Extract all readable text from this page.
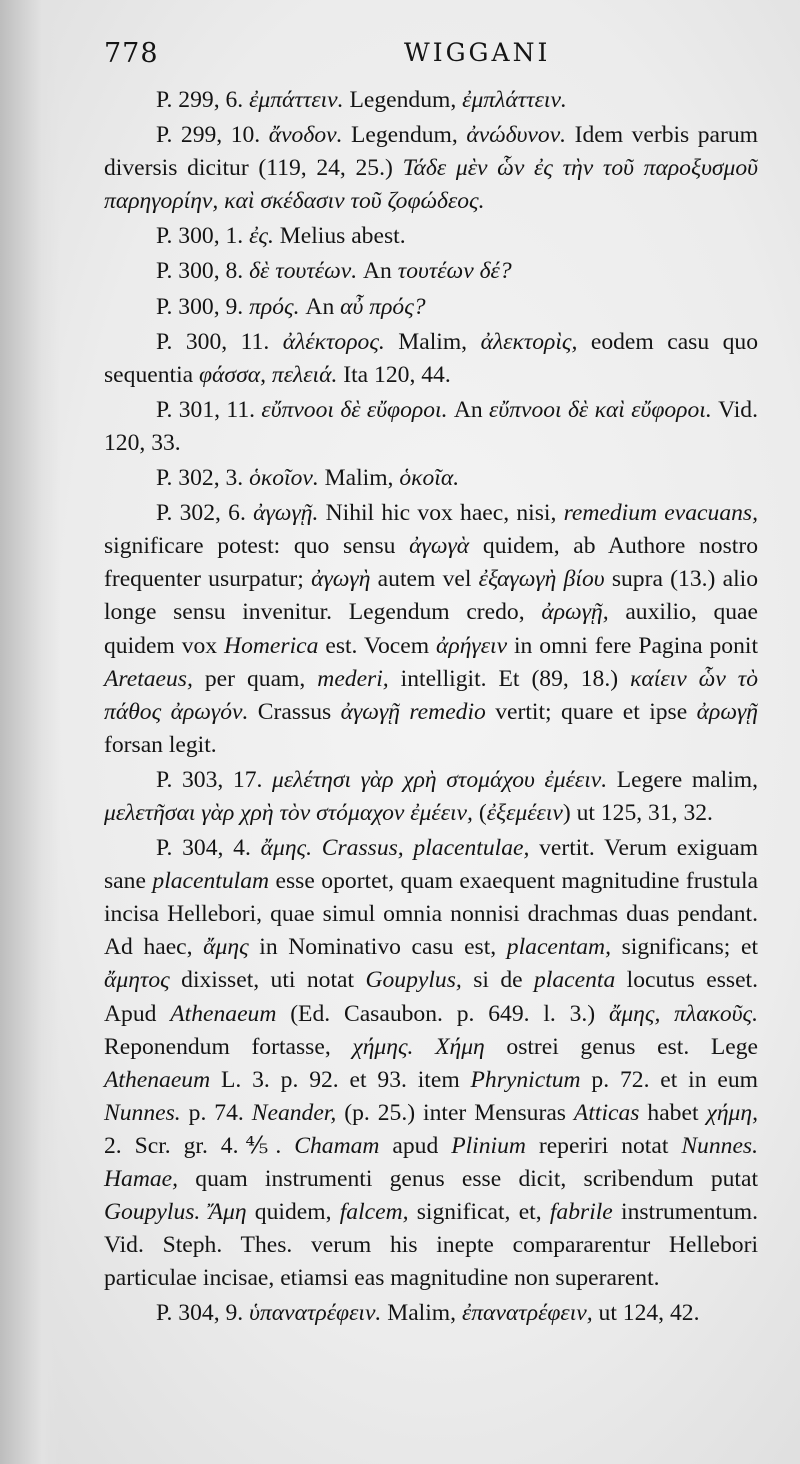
778	WIGGANI

P. 299, 6. ἐμπάττειν. Legendum, ἐμπλάττειν.

P. 299, 10. ἄνοδον. Legendum, ἀνώδυνον. Idem verbis parum diversis dicitur (119, 24, 25.) Τάδε μὲν ὧν ἐς τὴν τοῦ παροξυσμοῦ παρηγορίην, καὶ σκέδασιν τοῦ ζοφώδεος.

P. 300, 1. ἐς. Melius abest.

P. 300, 8. δὲ τουτέων. An τουτέων δέ?

P. 300, 9. πρός. An αὖ πρός?

P. 300, 11. ἀλέκτορος. Malim, ἀλεκτορὶς, eodem casu quo sequentia φάσσα, πελειά. Ita 120, 44.

P. 301, 11. εὔπνοοι δὲ εὔφοροι. An εὔπνοοι δὲ καὶ εὔφοροι. Vid. 120, 33.

P. 302, 3. ὁκοῖον. Malim, ὁκοῖα.

P. 302, 6. ἀγωγῇ. Nihil hic vox haec, nisi, remedium evacuans, significare potest: quo sensu ἀγωγὰ quidem, ab Authore nostro frequenter usurpatur; ἀγωγὴ autem vel ἐξαγωγὴ βίου supra (13.) alio longe sensu invenitur. Legendum credo, ἀρωγῇ, auxilio, quae quidem vox Homerica est. Vocem ἀρήγειν in omni fere Pagina ponit Aretaeus, per quam, mederi, intelligit. Et (89, 18.) καίειν ὧν τὸ πάθος ἀρωγόν. Crassus ἀγωγῇ remedio vertit; quare et ipse ἀρωγῇ forsan legit.

P. 303, 17. μελέτησι γὰρ χρὴ στομάχου ἐμέειν. Legere malim, μελετῆσαι γὰρ χρὴ τὸν στόμαχον ἐμέειν, (ἐξεμέειν) ut 125, 31, 32.

P. 304, 4. ἄμης. Crassus, placentulae, vertit. Verum exiguam sane placentulam esse oportet, quam exaequent magnitudine frustula incisa Hellebori, quae simul omnia nonnisi drachmas duas pendant. Ad haec, ἄμης in Nominativo casu est, placentam, significans; et ἄμητος dixisset, uti notat Goupylus, si de placenta locutus esset. Apud Athenaeum (Ed. Casaubon. p. 649. l. 3.) ἄμης, πλακοῦς. Reponendum fortasse, χήμης. Χήμη ostrei genus est. Lege Athenaeum L. 3. p. 92. et 93. item Phrynictum p. 72. et in eum Nunnes. p. 74. Neander, (p. 25.) inter Mensuras Atticas habet χήμη, 2. Scr. gr. 4.⅘. Chamam apud Plinium reperiri notat Nunnes. Hamae, quam instrumenti genus esse dicit, scribendum putat Goupylus. Ἄμη quidem, falcem, significat, et, fabrile instrumentum. Vid. Steph. Thes. verum his inepte compararentur Hellebori particulae incisae, etiamsi eas magnitudine non superarent.

P. 304, 9. ὑπανατρέφειν. Malim, ἐπανατρέφειν, ut 124, 42.
